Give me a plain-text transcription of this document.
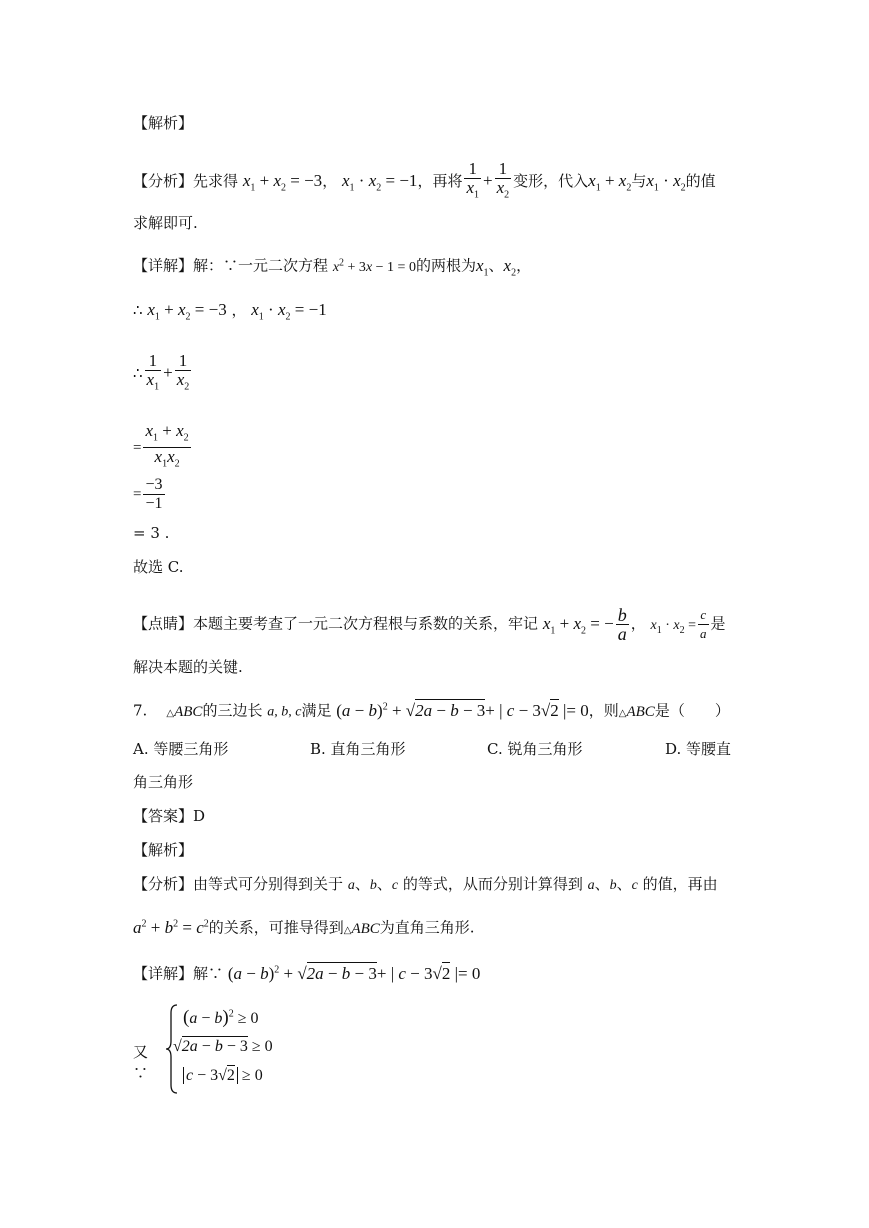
【解析】
【分析】先求得 $x_1 + x_2 = -3$， $x_1 \cdot x_2 = -1$，再将 $\frac{1}{x_1} + \frac{1}{x_2}$ 变形，代入$x_1 + x_2$与$x_1 \cdot x_2$的值
求解即可.
【详解】解：∵一元二次方程 $x^2 + 3x - 1 = 0$的两根为$x_1$、$x_2$，
∴ $x_1 + x_2 = -3$ ， $x_1 \cdot x_2 = -1$
∴ $\frac{1}{x_1} + \frac{1}{x_2}$
= $\frac{x_1 + x_2}{x_1x_2}$
= $\frac{-3}{-1}$
= 3 .
故选 C.
【点睛】本题主要考查了一元二次方程根与系数的关系，牢记 $x_1 + x_2$ = − $\frac{b}{a}$ ， $x_1 \cdot x_2 = \frac{c}{a}$ 是
解决本题的关键.
7. △ABC的三边长 a, b, c满足 $(a - b)^2 + √2a - b - 3+$ | c − 3√2 |= 0，则△ABC是（　　）
A. 等腰三角形	B. 直角三角形	C. 锐角三角形	D. 等腰直
角三角形
【答案】D
【解析】
【分析】由等式可分别得到关于 a、b、c 的等式，从而分别计算得到 a、b、c 的值，再由
$a^2 + b^2 = c^2$的关系，可推导得到△ABC为直角三角形.
【详解】解∵ $(a - b)^2 + √2a - b - 3+$ | c − 3√2 |= 0
又∵
$(a - b)^2 \ge 0$
√2a − b − 3 ≥ 0
c − 3√2 ≥ 0
